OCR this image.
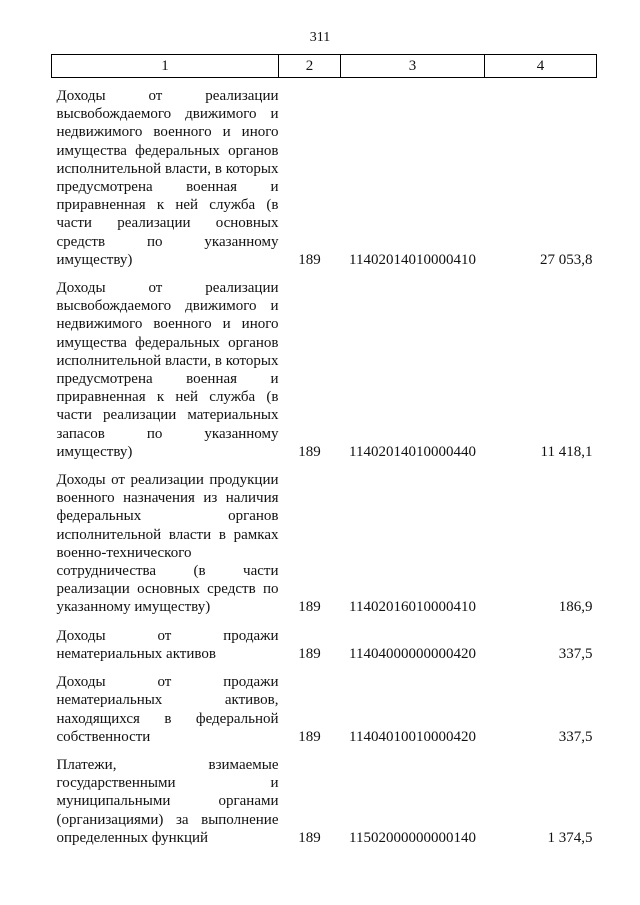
311
1	2	3	4

Доходы от реализации высвобождаемого движимого и недвижимого военного и иного имущества федеральных органов исполнительной власти, в которых предусмотрена военная и приравненная к ней служба (в части реализации основных средств по указанному имуществу)	189	11402014010000410	27 053,8

Доходы от реализации высвобождаемого движимого и недвижимого военного и иного имущества федеральных органов исполнительной власти, в которых предусмотрена военная и приравненная к ней служба (в части реализации материальных запасов по указанному имуществу)	189	11402014010000440	11 418,1

Доходы от реализации продукции военного назначения из наличия федеральных органов исполнительной власти в рамках военно-технического сотрудничества (в части реализации основных средств по указанному имуществу)	189	11402016010000410	186,9

Доходы от продажи нематериальных активов	189	11404000000000420	337,5

Доходы от продажи нематериальных активов, находящихся в федеральной собственности	189	11404010010000420	337,5

Платежи, взимаемые государственными и муниципальными органами (организациями) за выполнение определенных функций	189	11502000000000140	1 374,5
